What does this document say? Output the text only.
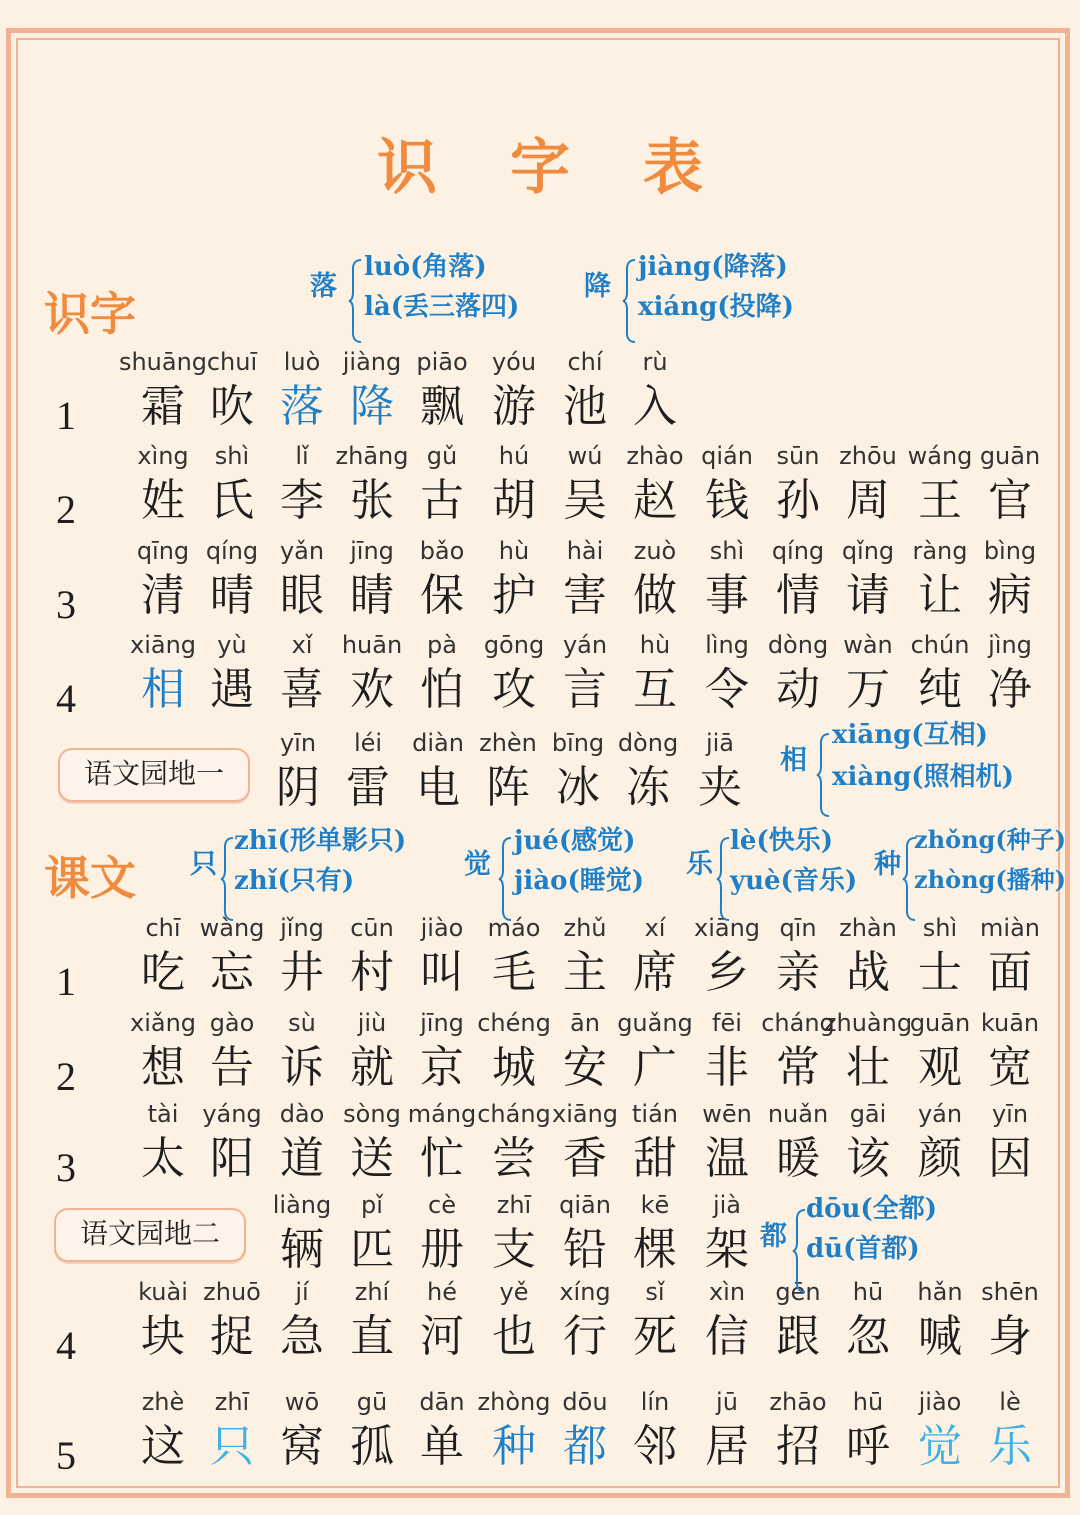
识 字 表
识字
课文
1
shuāng
霜
chuī
吹
luò
落
jiàng
降
piāo
飘
yóu
游
chí
池
rù
入
2
xìng
姓
shì
氏
lǐ
李
zhāng
张
gǔ
古
hú
胡
wú
吴
zhào
赵
qián
钱
sūn
孙
zhōu
周
wáng
王
guān
官
3
qīng
清
qíng
晴
yǎn
眼
jīng
睛
bǎo
保
hù
护
hài
害
zuò
做
shì
事
qíng
情
qǐng
请
ràng
让
bìng
病
4
xiāng
相
yù
遇
xǐ
喜
huān
欢
pà
怕
gōng
攻
yán
言
hù
互
lìng
令
dòng
动
wàn
万
chún
纯
jìng
净
yīn
阴
léi
雷
diàn
电
zhèn
阵
bīng
冰
dòng
冻
jiā
夹
1
chī
吃
wàng
忘
jǐng
井
cūn
村
jiào
叫
máo
毛
zhǔ
主
xí
席
xiāng
乡
qīn
亲
zhàn
战
shì
士
miàn
面
2
xiǎng
想
gào
告
sù
诉
jiù
就
jīng
京
chéng
城
ān
安
guǎng
广
fēi
非
cháng
常
zhuàng
壮
guān
观
kuān
宽
3
tài
太
yáng
阳
dào
道
sòng
送
máng
忙
cháng
尝
xiāng
香
tián
甜
wēn
温
nuǎn
暖
gāi
该
yán
颜
yīn
因
liàng
辆
pǐ
匹
cè
册
zhī
支
qiān
铅
kē
棵
jià
架
4
kuài
块
zhuō
捉
jí
急
zhí
直
hé
河
yě
也
xíng
行
sǐ
死
xìn
信
gēn
跟
hū
忽
hǎn
喊
shēn
身
5
zhè
这
zhī
只
wō
窝
gū
孤
dān
单
zhòng
种
dōu
都
lín
邻
jū
居
zhāo
招
hū
呼
jiào
觉
lè
乐
语文园地一
语文园地二
落
luò(角落)
là(丢三落四)
降
jiàng(降落)
xiáng(投降)
相
xiāng(互相)
xiàng(照相机)
只
zhī(形单影只)
zhǐ(只有)
觉
jué(感觉)
jiào(睡觉)
乐
lè(快乐)
yuè(音乐)
种
zhǒng(种子)
zhòng(播种)
都
dōu(全都)
dū(首都)
